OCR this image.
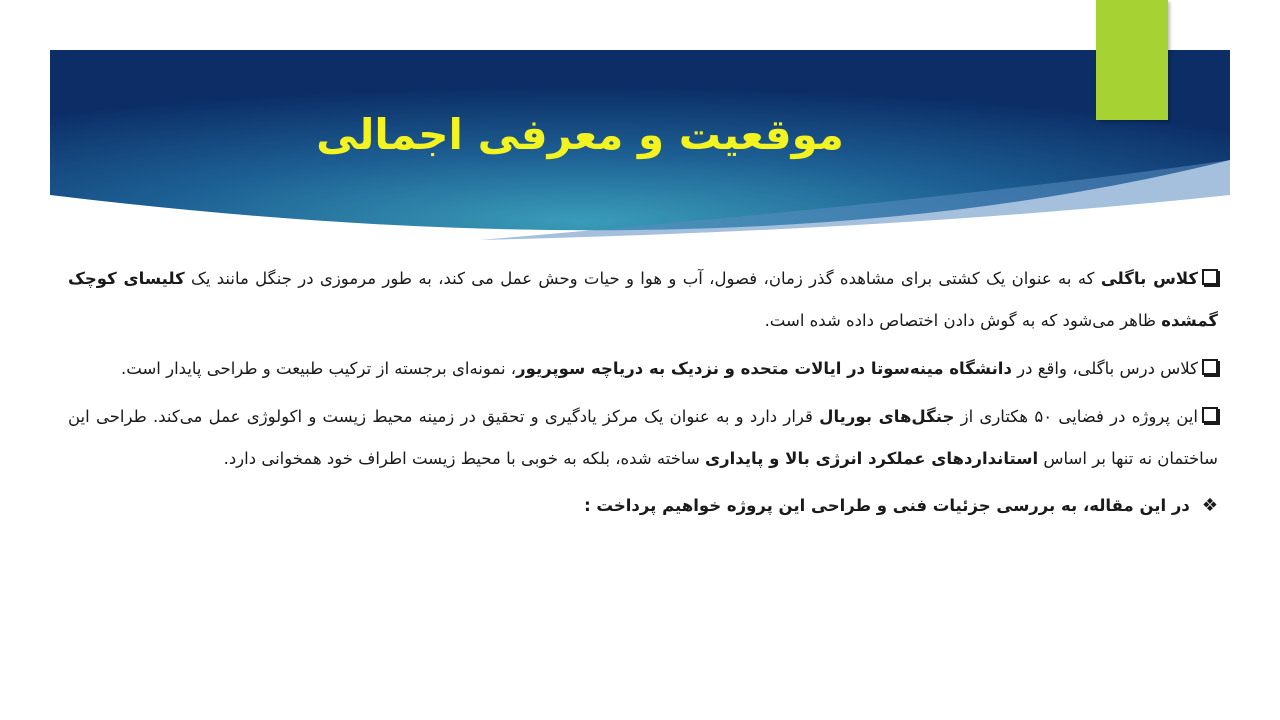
موقعیت و معرفی اجمالی

کلاس باگلی که به عنوان یک کشتی برای مشاهده گذر زمان، فصول، آب و هوا و حیات وحش عمل می کند، به طور مرموزی در جنگل مانند یک کلیسای کوچک گمشده ظاهر می‌شود که به گوش دادن اختصاص داده شده است.

کلاس درس باگلی، واقع در دانشگاه مینه‌سوتا در ایالات متحده و نزدیک به دریاچه سوپریور، نمونه‌ای برجسته از ترکیب طبیعت و طراحی پایدار است.

این پروژه در فضایی ۵۰ هکتاری از جنگل‌های بوریال قرار دارد و به عنوان یک مرکز یادگیری و تحقیق در زمینه محیط زیست و اکولوژی عمل می‌کند. طراحی این ساختمان نه تنها بر اساس استانداردهای عملکرد انرژی بالا و پایداری ساخته شده، بلکه به خوبی با محیط زیست اطراف خود همخوانی دارد.

❖در این مقاله، به بررسی جزئیات فنی و طراحی این پروژه خواهیم پرداخت :
